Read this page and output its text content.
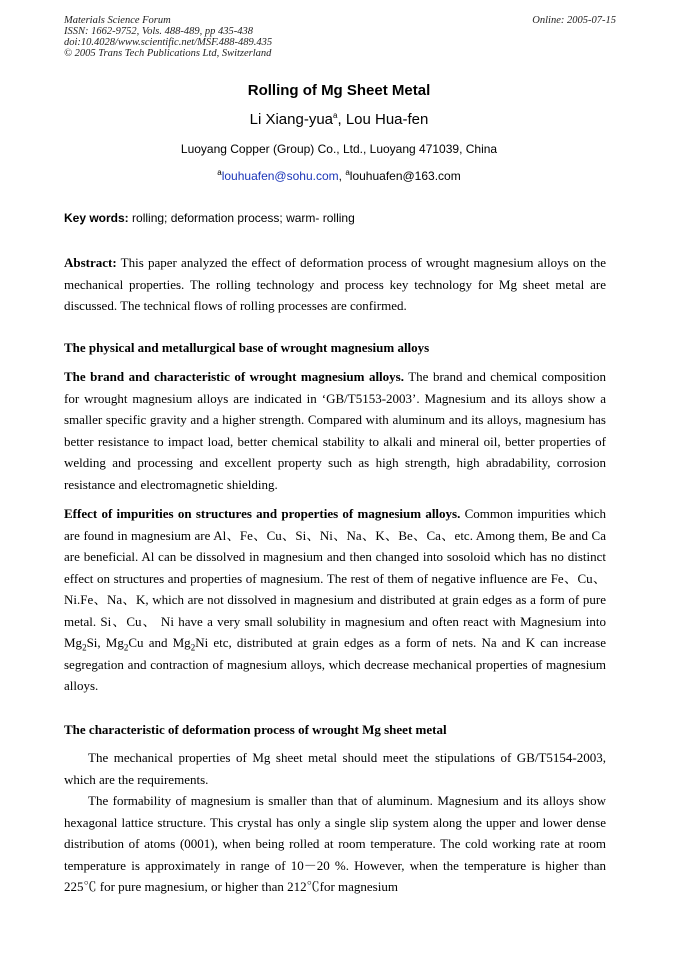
Materials Science Forum
ISSN: 1662-9752, Vols. 488-489, pp 435-438
doi:10.4028/www.scientific.net/MSF.488-489.435
© 2005 Trans Tech Publications Ltd, Switzerland
Online: 2005-07-15
Rolling of Mg Sheet Metal
Li Xiang-yua$^a$, Lou Hua-fen
Luoyang Copper (Group) Co., Ltd., Luoyang 471039, China
$^a$louhuafen@sohu.com, $^a$louhuafen@163.com
Key words: rolling; deformation process; warm- rolling
Abstract: This paper analyzed the effect of deformation process of wrought magnesium alloys on the mechanical properties. The rolling technology and process key technology for Mg sheet metal are discussed. The technical flows of rolling processes are confirmed.
The physical and metallurgical base of wrought magnesium alloys
The brand and characteristic of wrought magnesium alloys. The brand and chemical composition for wrought magnesium alloys are indicated in ‘GB/T5153-2003’. Magnesium and its alloys show a smaller specific gravity and a higher strength. Compared with aluminum and its alloys, magnesium has better resistance to impact load, better chemical stability to alkali and mineral oil, better properties of welding and processing and excellent property such as high strength, high abradability, corrosion resistance and electromagnetic shielding.
Effect of impurities on structures and properties of magnesium alloys. Common impurities which are found in magnesium are Al、Fe、Cu、Si、Ni、Na、K、Be、Ca、etc. Among them, Be and Ca are beneficial. Al can be dissolved in magnesium and then changed into sosoloid which has no distinct effect on structures and properties of magnesium. The rest of them of negative influence are Fe、Cu、Ni.Fe、Na、K, which are not dissolved in magnesium and distributed at grain edges as a form of pure metal. Si、Cu、 Ni have a very small solubility in magnesium and often react with Magnesium into $Mg_2Si$, $Mg_2Cu$ and $Mg_2Ni$ etc, distributed at grain edges as a form of nets. Na and K can increase segregation and contraction of magnesium alloys, which decrease mechanical properties of magnesium alloys.
The characteristic of deformation process of wrought Mg sheet metal
The mechanical properties of Mg sheet metal should meet the stipulations of GB/T5154-2003, which are the requirements.
The formability of magnesium is smaller than that of aluminum. Magnesium and its alloys show hexagonal lattice structure. This crystal has only a single slip system along the upper and lower dense distribution of atoms (0001), when being rolled at room temperature. The cold working rate at room temperature is approximately in range of 10－20 %. However, when the temperature is higher than 225℃ for pure magnesium, or higher than 212℃for magnesium
